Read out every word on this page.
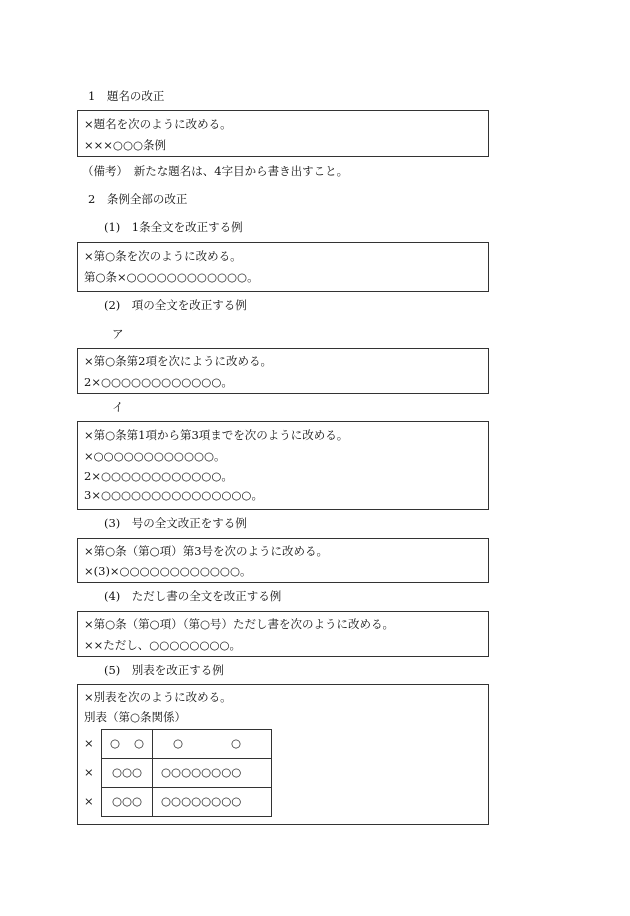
1　題名の改正
×題名を次のように改める。
×××○○○条例
（備考）　新たな題名は、4字目から書き出すこと。
2　条例全部の改正
(1)　1条全文を改正する例
×第○条を次のように改める。
第○条×○○○○○○○○○○○○。
(2)　項の全文を改正する例
ア
×第○条第2項を次にように改める。
2×○○○○○○○○○○○○。
イ
×第○条第1項から第3項までを次のように改める。
×○○○○○○○○○○○○。
2×○○○○○○○○○○○○。
3×○○○○○○○○○○○○○○○。
(3)　号の全文改正をする例
×第○条（第○項）第3号を次のように改める。
×(3)×○○○○○○○○○○○○。
(4)　ただし書の全文を改正する例
×第○条（第○項）（第○号）ただし書を次のように改める。
××ただし、○○○○○○○○。
(5)　別表を改正する例
×別表を次のように改める。
別表（第○条関係）
×	○ ○	○ ○
×	○○○	○○○○○○○○
×	○○○	○○○○○○○○
